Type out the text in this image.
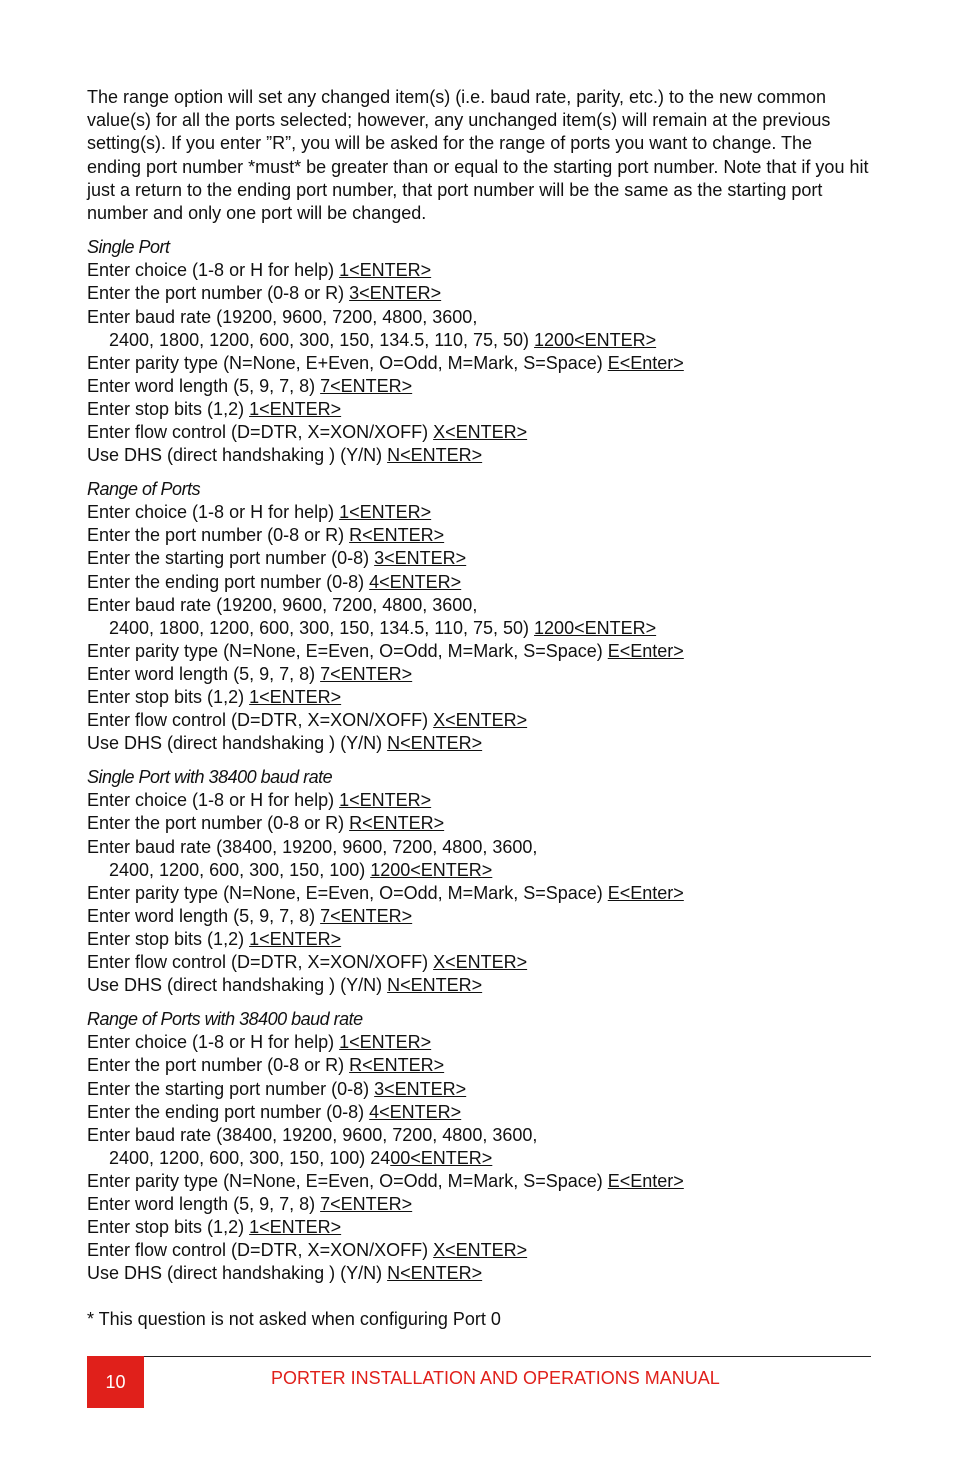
The range option will set any changed item(s) (i.e. baud rate, parity, etc.) to the new common value(s) for all the ports selected; however, any unchanged item(s) will remain at the previous setting(s). If you enter ”R”, you will be asked for the range of ports you want to change. The ending port number *must* be greater than or equal to the starting port number. Note that if you hit just a return to the ending port number, that port number will be the same as the starting port number and only one port will be changed.

Single Port
Enter choice (1-8 or H for help) 1<ENTER>
Enter the port number (0-8 or R) 3<ENTER>
Enter baud rate (19200, 9600, 7200, 4800, 3600,
2400, 1800, 1200, 600, 300, 150, 134.5, 110, 75, 50) 1200<ENTER>
Enter parity type (N=None, E+Even, O=Odd, M=Mark, S=Space) E<Enter>
Enter word length (5, 9, 7, 8) 7<ENTER>
Enter stop bits (1,2) 1<ENTER>
Enter flow control (D=DTR, X=XON/XOFF) X<ENTER>
Use DHS (direct handshaking ) (Y/N) N<ENTER>
Range of Ports
Enter choice (1-8 or H for help) 1<ENTER>
Enter the port number (0-8 or R) R<ENTER>
Enter the starting port number (0-8) 3<ENTER>
Enter the ending port number (0-8) 4<ENTER>
Enter baud rate (19200, 9600, 7200, 4800, 3600,
2400, 1800, 1200, 600, 300, 150, 134.5, 110, 75, 50) 1200<ENTER>
Enter parity type (N=None, E=Even, O=Odd, M=Mark, S=Space) E<Enter>
Enter word length (5, 9, 7, 8) 7<ENTER>
Enter stop bits (1,2) 1<ENTER>
Enter flow control (D=DTR, X=XON/XOFF) X<ENTER>
Use DHS (direct handshaking ) (Y/N) N<ENTER>
Single Port with 38400 baud rate
Enter choice (1-8 or H for help) 1<ENTER>
Enter the port number (0-8 or R) R<ENTER>
Enter baud rate (38400, 19200, 9600, 7200, 4800, 3600,
2400, 1200, 600, 300, 150, 100) 1200<ENTER>
Enter parity type (N=None, E=Even, O=Odd, M=Mark, S=Space) E<Enter>
Enter word length (5, 9, 7, 8) 7<ENTER>
Enter stop bits (1,2) 1<ENTER>
Enter flow control (D=DTR, X=XON/XOFF) X<ENTER>
Use DHS (direct handshaking ) (Y/N) N<ENTER>
Range of Ports with 38400 baud rate
Enter choice (1-8 or H for help) 1<ENTER>
Enter the port number (0-8 or R) R<ENTER>
Enter the starting port number (0-8) 3<ENTER>
Enter the ending port number (0-8) 4<ENTER>
Enter baud rate (38400, 19200, 9600, 7200, 4800, 3600,
2400, 1200, 600, 300, 150, 100) 2400<ENTER>
Enter parity type (N=None, E=Even, O=Odd, M=Mark, S=Space) E<Enter>
Enter word length (5, 9, 7, 8) 7<ENTER>
Enter stop bits (1,2) 1<ENTER>
Enter flow control (D=DTR, X=XON/XOFF) X<ENTER>
Use DHS (direct handshaking ) (Y/N) N<ENTER>
* This question is not asked when configuring Port 0
10	PORTER INSTALLATION AND OPERATIONS MANUAL
